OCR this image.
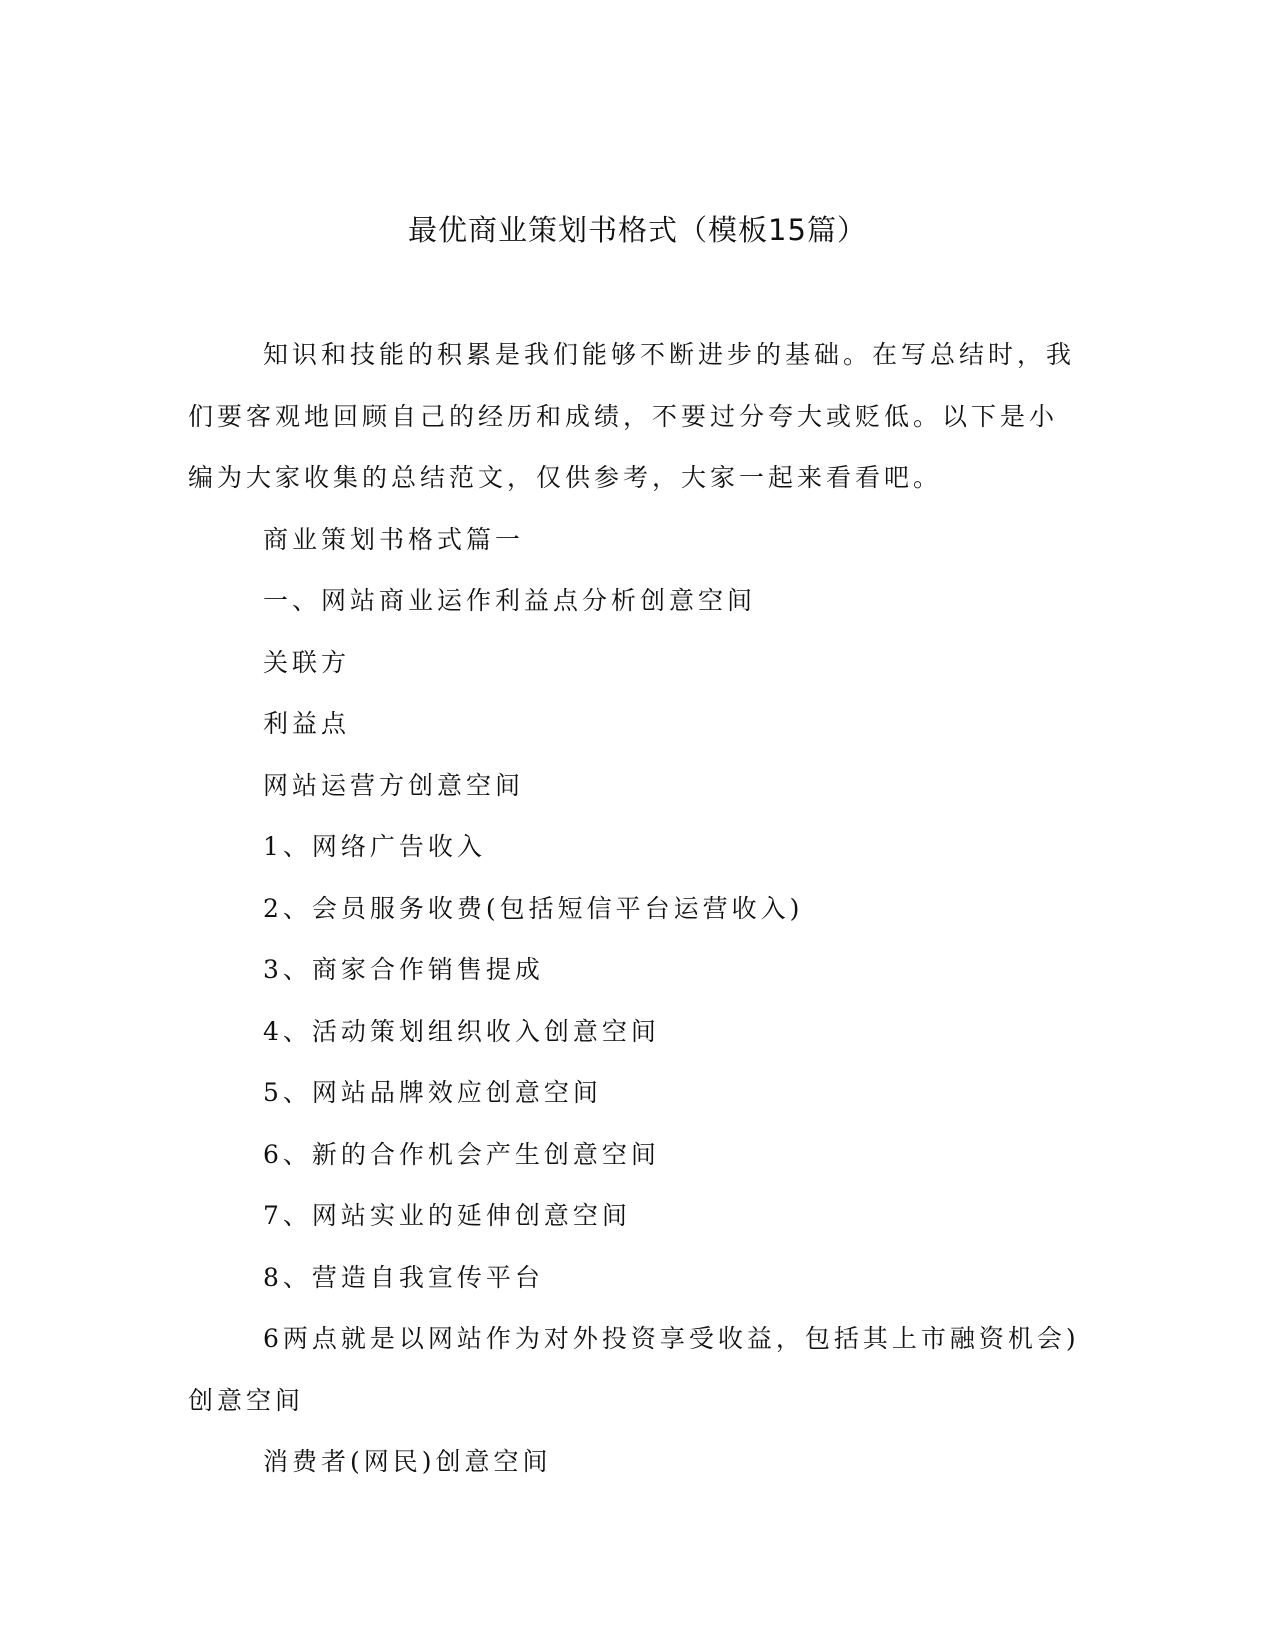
最优商业策划书格式（模板15篇）

知识和技能的积累是我们能够不断进步的基础。在写总结时，我
们要客观地回顾自己的经历和成绩，不要过分夸大或贬低。以下是小
编为大家收集的总结范文，仅供参考，大家一起来看看吧。

商业策划书格式篇一

一、网站商业运作利益点分析创意空间

关联方

利益点

网站运营方创意空间

1、网络广告收入

2、会员服务收费(包括短信平台运营收入)

3、商家合作销售提成

4、活动策划组织收入创意空间

5、网站品牌效应创意空间

6、新的合作机会产生创意空间

7、网站实业的延伸创意空间

8、营造自我宣传平台

6两点就是以网站作为对外投资享受收益，包括其上市融资机会)
创意空间

消费者(网民)创意空间
